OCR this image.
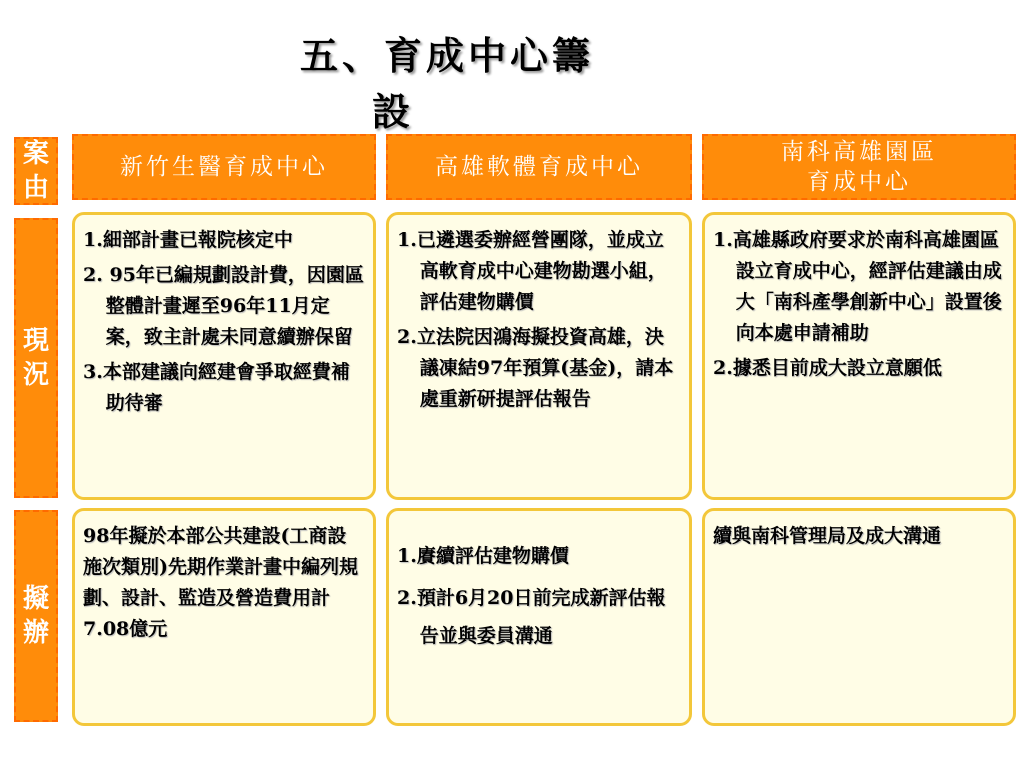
五、育成中心籌
設
案由
現況
擬辦
新竹生醫育成中心	高雄軟體育成中心
南科高雄園區
育成中心
1.細部計畫已報院核定中
2. 95年已編規劃設計費，因園區整體計畫遲至96年11月定案，致主計處未同意續辦保留
3.本部建議向經建會爭取經費補助待審
1.已遴選委辦經營團隊，並成立高軟育成中心建物勘選小組，評估建物購價
2.立法院因鴻海擬投資高雄，決議凍結97年預算(基金)，請本處重新研提評估報告
1.高雄縣政府要求於南科高雄園區設立育成中心，經評估建議由成大「南科產學創新中心」設置後向本處申請補助
2.據悉目前成大設立意願低

98年擬於本部公共建設(工商設施次類別)先期作業計畫中編列規劃、設計、監造及營造費用計7.08億元

1.賡續評估建物購價
2.預計6月20日前完成新評估報告並與委員溝通

續與南科管理局及成大溝通
